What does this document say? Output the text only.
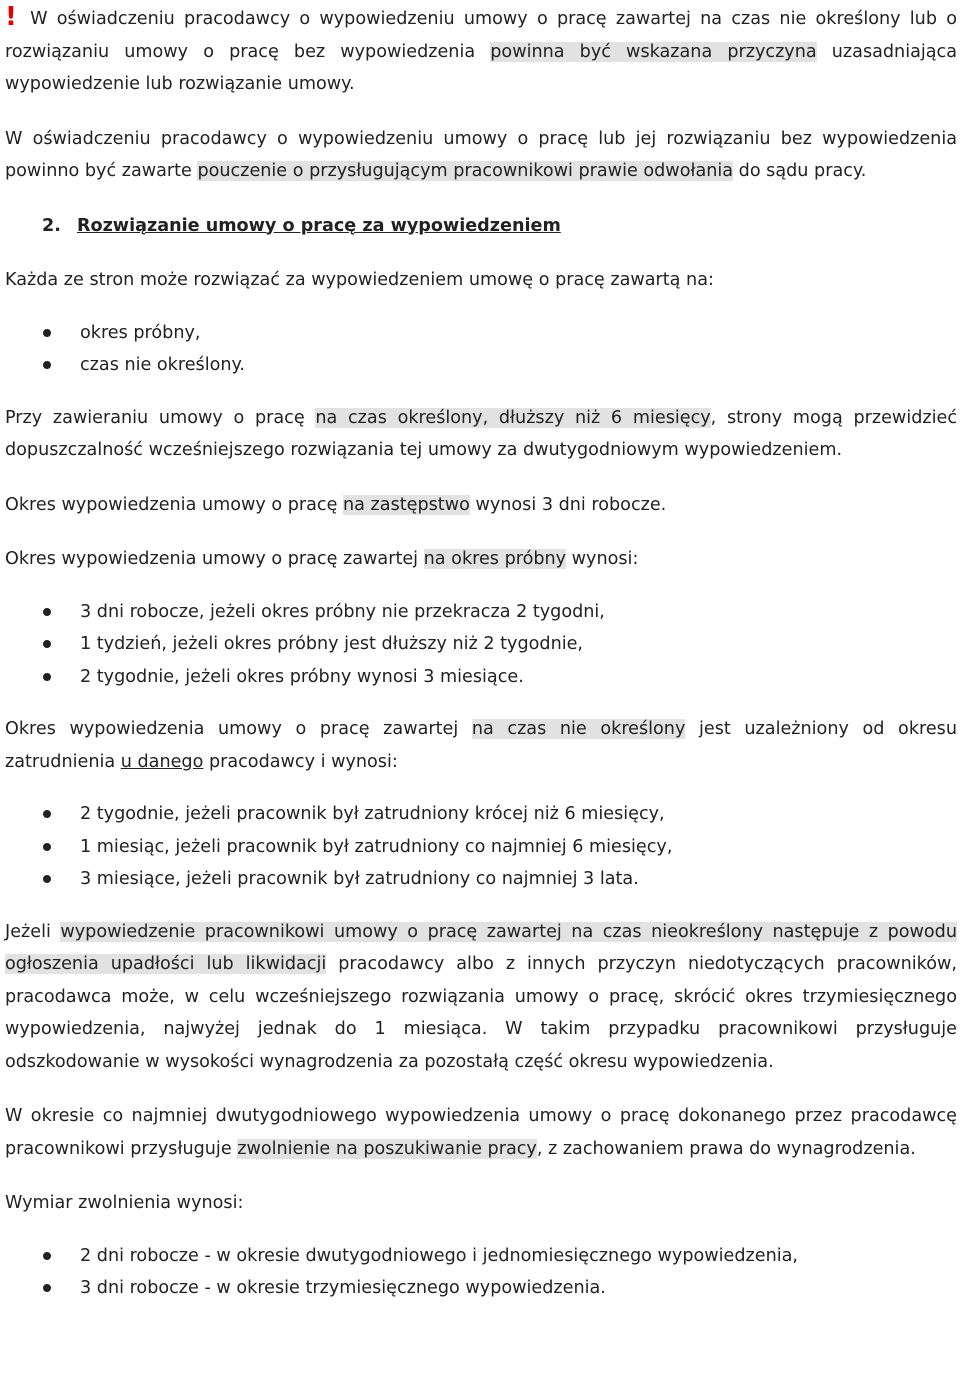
! W oświadczeniu pracodawcy o wypowiedzeniu umowy o pracę zawartej na czas nie określony lub o rozwiązaniu umowy o pracę bez wypowiedzenia powinna być wskazana przyczyna uzasadniająca wypowiedzenie lub rozwiązanie umowy.

W oświadczeniu pracodawcy o wypowiedzeniu umowy o pracę lub jej rozwiązaniu bez wypowiedzenia powinno być zawarte pouczenie o przysługującym pracownikowi prawie odwołania do sądu pracy.

2. Rozwiązanie umowy o pracę za wypowiedzeniem

Każda ze stron może rozwiązać za wypowiedzeniem umowę o pracę zawartą na:

okres próbny,
czas nie określony.

Przy zawieraniu umowy o pracę na czas określony, dłuższy niż 6 miesięcy, strony mogą przewidzieć dopuszczalność wcześniejszego rozwiązania tej umowy za dwutygodniowym wypowiedzeniem.

Okres wypowiedzenia umowy o pracę na zastępstwo wynosi 3 dni robocze.

Okres wypowiedzenia umowy o pracę zawartej na okres próbny wynosi:

3 dni robocze, jeżeli okres próbny nie przekracza 2 tygodni,
1 tydzień, jeżeli okres próbny jest dłuższy niż 2 tygodnie,
2 tygodnie, jeżeli okres próbny wynosi 3 miesiące.

Okres wypowiedzenia umowy o pracę zawartej na czas nie określony jest uzależniony od okresu zatrudnienia u danego pracodawcy i wynosi:

2 tygodnie, jeżeli pracownik był zatrudniony krócej niż 6 miesięcy,
1 miesiąc, jeżeli pracownik był zatrudniony co najmniej 6 miesięcy,
3 miesiące, jeżeli pracownik był zatrudniony co najmniej 3 lata.

Jeżeli wypowiedzenie pracownikowi umowy o pracę zawartej na czas nieokreślony następuje z powodu ogłoszenia upadłości lub likwidacji pracodawcy albo z innych przyczyn niedotyczących pracowników, pracodawca może, w celu wcześniejszego rozwiązania umowy o pracę, skrócić okres trzymiesięcznego wypowiedzenia, najwyżej jednak do 1 miesiąca. W takim przypadku pracownikowi przysługuje odszkodowanie w wysokości wynagrodzenia za pozostałą część okresu wypowiedzenia.

W okresie co najmniej dwutygodniowego wypowiedzenia umowy o pracę dokonanego przez pracodawcę pracownikowi przysługuje zwolnienie na poszukiwanie pracy, z zachowaniem prawa do wynagrodzenia.

Wymiar zwolnienia wynosi:

2 dni robocze - w okresie dwutygodniowego i jednomiesięcznego wypowiedzenia,
3 dni robocze - w okresie trzymiesięcznego wypowiedzenia.
